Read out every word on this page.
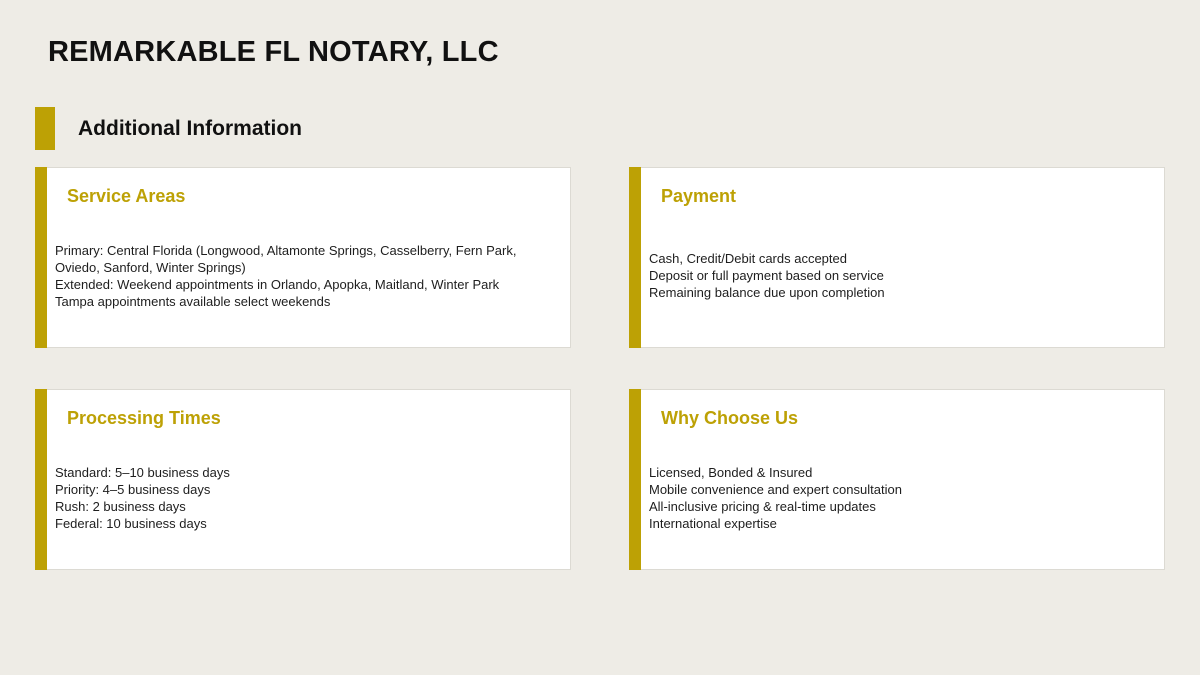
REMARKABLE FL NOTARY, LLC
Additional Information
Service Areas
Primary: Central Florida (Longwood, Altamonte Springs, Casselberry, Fern Park, Oviedo, Sanford, Winter Springs)
Extended: Weekend appointments in Orlando, Apopka, Maitland, Winter Park
Tampa appointments available select weekends
Payment
Cash, Credit/Debit cards accepted
Deposit or full payment based on service
Remaining balance due upon completion
Processing Times
Standard: 5–10 business days
Priority: 4–5 business days
Rush: 2 business days
Federal: 10 business days
Why Choose Us
Licensed, Bonded & Insured
Mobile convenience and expert consultation
All-inclusive pricing & real-time updates
International expertise
